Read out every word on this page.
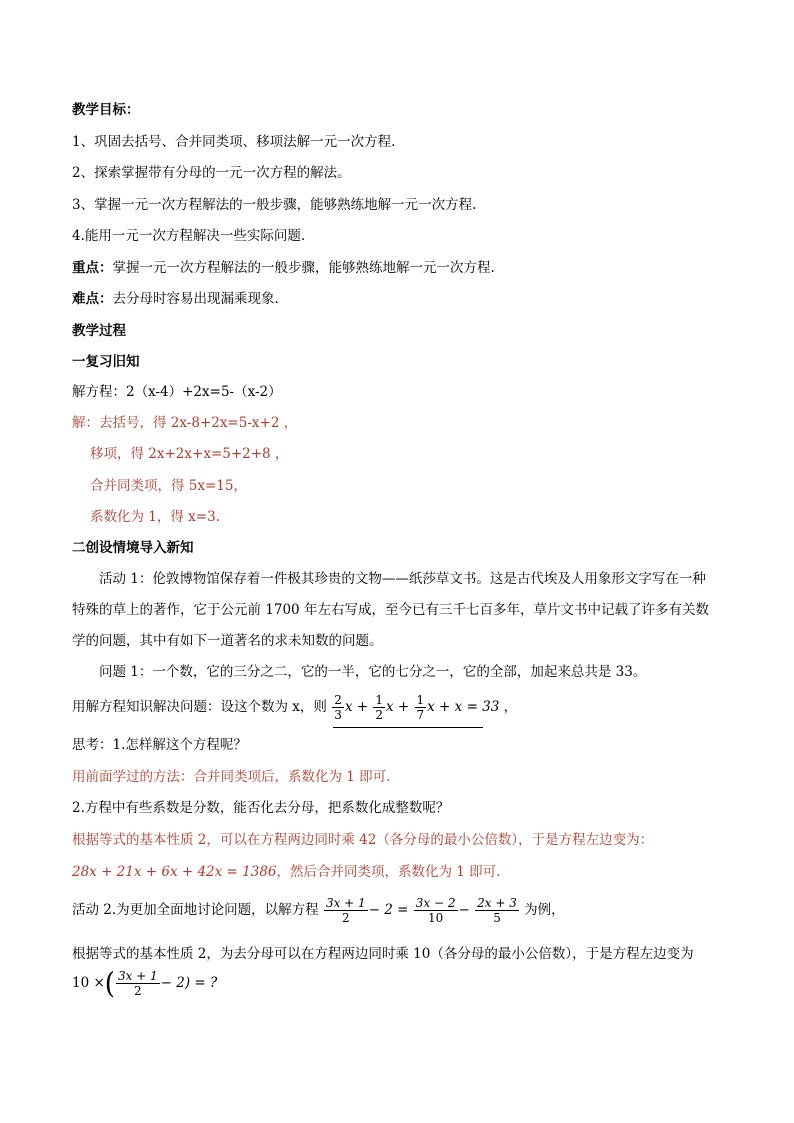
教学目标：
1、巩固去括号、合并同类项、移项法解一元一次方程.
2、探索掌握带有分母的一元一次方程的解法。
3、掌握一元一次方程解法的一般步骤，能够熟练地解一元一次方程.
4.能用一元一次方程解决一些实际问题.
重点：掌握一元一次方程解法的一般步骤，能够熟练地解一元一次方程.
难点：去分母时容易出现漏乘现象.
教学过程
一复习旧知
解方程：2（x-4）+2x=5-（x-2）
解：去括号，得 2x-8+2x=5-x+2 ，
移项，得 2x+2x+x=5+2+8 ，
合并同类项，得 5x=15，
系数化为 1，得 x=3.
二创设情境导入新知
活动 1：伦敦博物馆保存着一件极其珍贵的文物——纸莎草文书。这是古代埃及人用象形文字写在一种
特殊的草上的著作，它于公元前 1700 年左右写成，至今已有三千七百多年，草片文书中记载了许多有关数
学的问题，其中有如下一道著名的求未知数的问题。
问题 1：一个数，它的三分之二，它的一半，它的七分之一，它的全部，加起来总共是 33。
用解方程知识解决问题：设这个数为 x，则 $\frac{2}{3}$ $x + \frac{1}{2}$ $x + \frac{1}{7}$ x + x = 33 ，
思考：1.怎样解这个方程呢？
用前面学过的方法：合并同类项后，系数化为 1 即可.
2.方程中有些系数是分数，能否化去分母，把系数化成整数呢？
根据等式的基本性质 2，可以在方程两边同时乘 42（各分母的最小公倍数），于是方程左边变为：
28x + 21x + 6x + 42x = 1386，然后合并同类项，系数化为 1 即可.
活动 2.为更加全面地讨论问题，以解方程 $\frac{3x + 1}{2} - 2 = \frac{3x - 2}{10} - \frac{2x + 3}{5}$ 为例，
根据等式的基本性质 2，为去分母可以在方程两边同时乘 10（各分母的最小公倍数），于是方程左边变为
10 ×( $\frac{3x + 1}{2} - 2$) = ?
